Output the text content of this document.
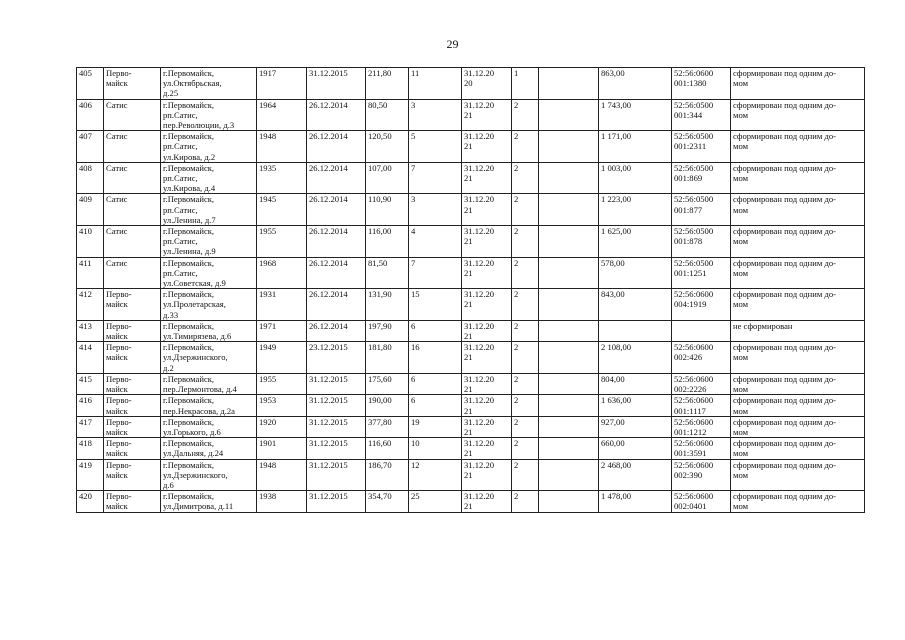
29
405	Перво-
майск	г.Первомайск,
ул.Октябрьская,
д.25	1917	31.12.2015	211,80	11	31.12.20
20	1		863,00	52:56:0600
001:1380	сформирован под одним до-
мом
406	Сатис	г.Первомайск,
рп.Сатис,
пер.Революции, д.3	1964	26.12.2014	80,50	3	31.12.20
21	2		1 743,00	52:56:0500
001:344	сформирован под одним до-
мом
407	Сатис	г.Первомайск,
рп.Сатис,
ул.Кирова, д.2	1948	26.12.2014	120,50	5	31.12.20
21	2		1 171,00	52:56:0500
001:2311	сформирован под одним до-
мом
408	Сатис	г.Первомайск,
рп.Сатис,
ул.Кирова, д.4	1935	26.12.2014	107,00	7	31.12.20
21	2		1 003,00	52:56:0500
001:869	сформирован под одним до-
мом
409	Сатис	г.Первомайск,
рп.Сатис,
ул.Ленина, д.7	1945	26.12.2014	110,90	3	31.12.20
21	2		1 223,00	52:56:0500
001:877	сформирован под одним до-
мом
410	Сатис	г.Первомайск,
рп.Сатис,
ул.Ленина, д.9	1955	26.12.2014	116,00	4	31.12.20
21	2		1 625,00	52:56:0500
001:878	сформирован под одним до-
мом
411	Сатис	г.Первомайск,
рп.Сатис,
ул.Советская, д.9	1968	26.12.2014	81,50	7	31.12.20
21	2		578,00	52:56:0500
001:1251	сформирован под одним до-
мом
412	Перво-
майск	г.Первомайск,
ул.Пролетарская,
д.33	1931	26.12.2014	131,90	15	31.12.20
21	2		843,00	52:56:0600
004:1919	сформирован под одним до-
мом
413	Перво-
майск	г.Первомайск,
ул.Тимирязева, д.6	1971	26.12.2014	197,90	6	31.12.20
21	2				не сформирован
414	Перво-
майск	г.Первомайск,
ул.Дзержинского,
д.2	1949	23.12.2015	181,80	16	31.12.20
21	2		2 108,00	52:56:0600
002:426	сформирован под одним до-
мом
415	Перво-
майск	г.Первомайск,
пер.Лермонтова, д.4	1955	31.12.2015	175,60	6	31.12.20
21	2		804,00	52:56:0600
002:2226	сформирован под одним до-
мом
416	Перво-
майск	г.Первомайск,
пер.Некрасова, д.2а	1953	31.12.2015	190,00	6	31.12.20
21	2		1 636,00	52:56:0600
001:1117	сформирован под одним до-
мом
417	Перво-
майск	г.Первомайск,
ул.Горького, д.6	1920	31.12.2015	377,80	19	31.12.20
21	2		927,00	52:56:0600
001:1212	сформирован под одним до-
мом
418	Перво-
майск	г.Первомайск,
ул.Дальняя, д.24	1901	31.12.2015	116,60	10	31.12.20
21	2		660,00	52:56:0600
001:3591	сформирован под одним до-
мом
419	Перво-
майск	г.Первомайск,
ул.Дзержинского,
д.6	1948	31.12.2015	186,70	12	31.12.20
21	2		2 468,00	52:56:0600
002:390	сформирован под одним до-
мом
420	Перво-
майск	г.Первомайск,
ул.Димитрова, д.11	1938	31.12.2015	354,70	25	31.12.20
21	2		1 478,00	52:56:0600
002:0401	сформирован под одним до-
мом
